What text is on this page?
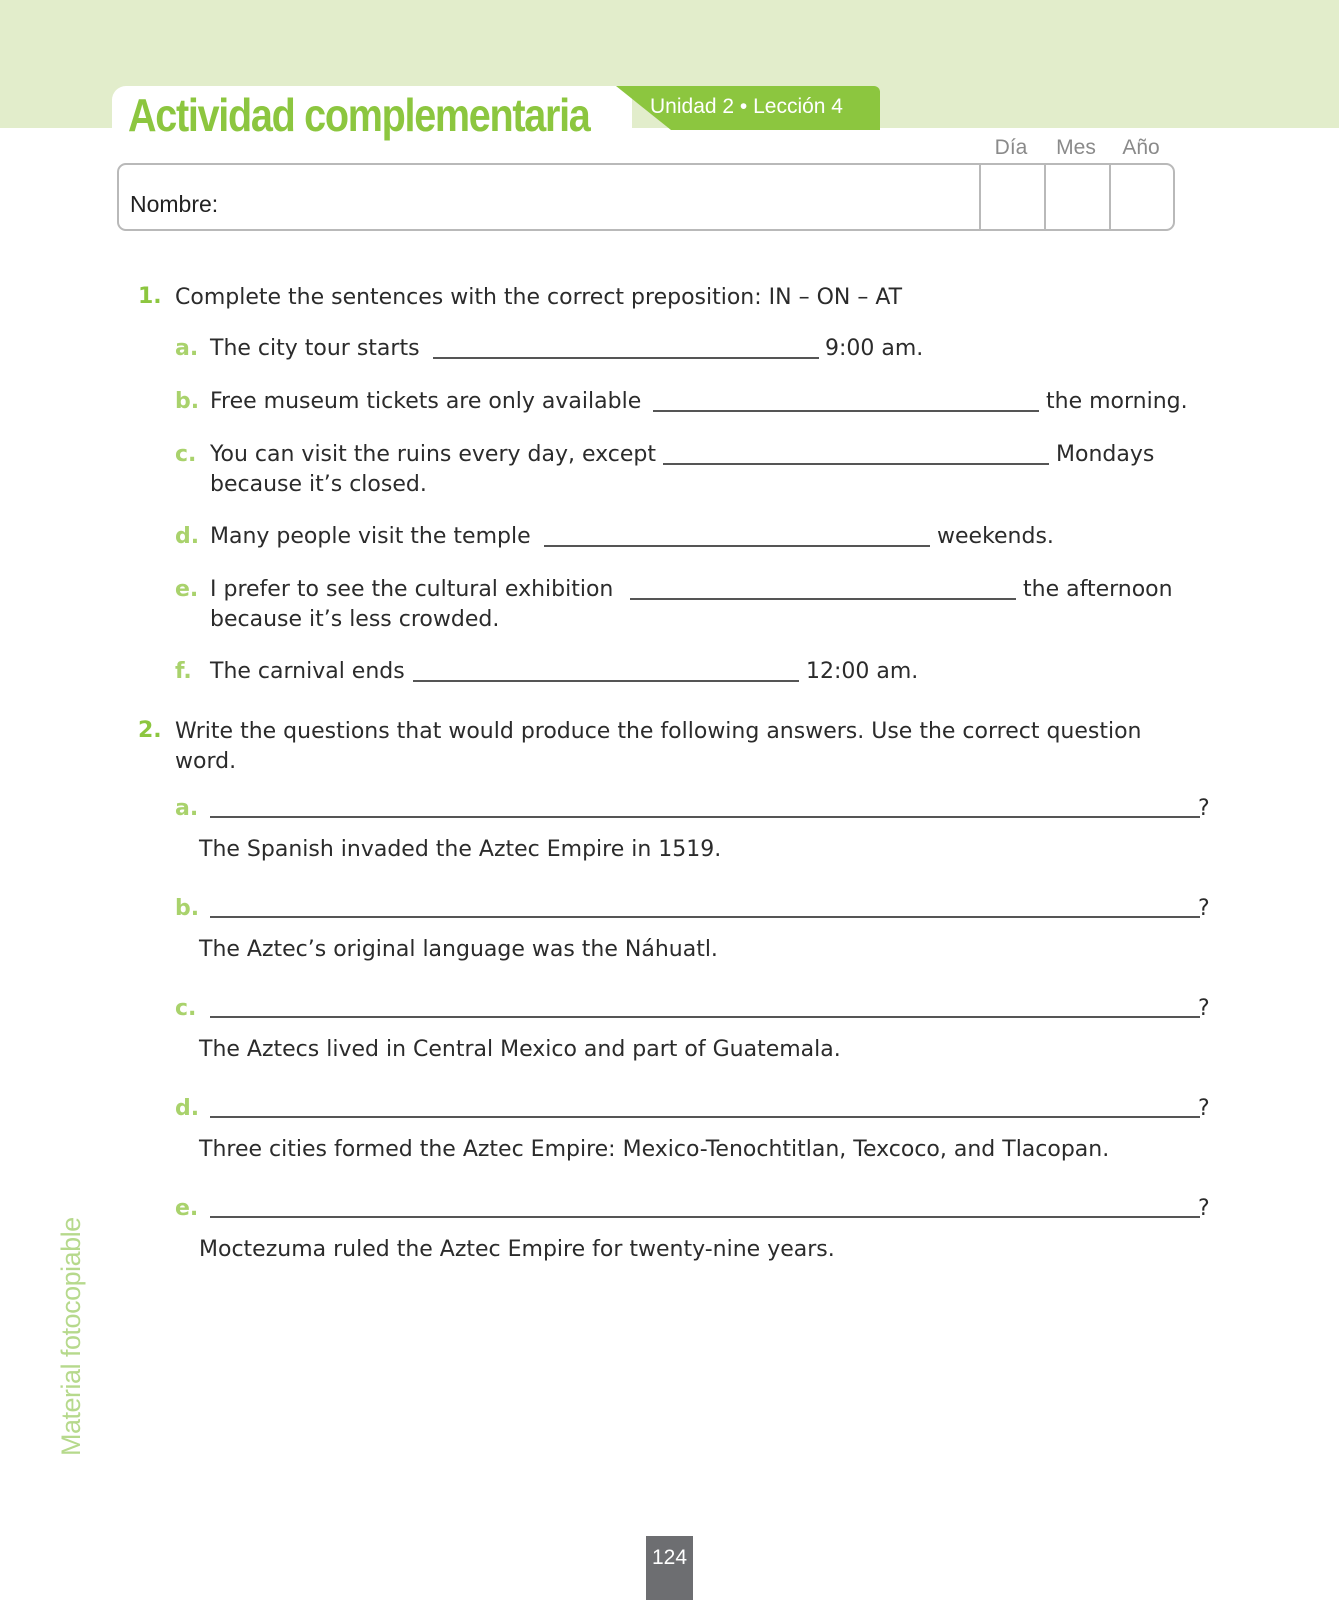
Actividad complementaria	Unidad 2 • Lección 4
Día	Mes	Año
Nombre:
1. Complete the sentences with the correct preposition: IN – ON – AT
a. The city tour starts	9:00 am.
b. Free museum tickets are only available	the morning.
c. You can visit the ruins every day, except	Mondays
because it’s closed.
d. Many people visit the temple	weekends.
e. I prefer to see the cultural exhibition	the afternoon
because it’s less crowded.
f. The carnival ends	12:00 am.
2. Write the questions that would produce the following answers. Use the correct question
word.
a.	?
The Spanish invaded the Aztec Empire in 1519.
b.	?
The Aztec’s original language was the Náhuatl.
c.	?
The Aztecs lived in Central Mexico and part of Guatemala.
d.	?
Three cities formed the Aztec Empire: Mexico-Tenochtitlan, Texcoco, and Tlacopan.
e.	?
Moctezuma ruled the Aztec Empire for twenty-nine years.
Material fotocopiable
124
